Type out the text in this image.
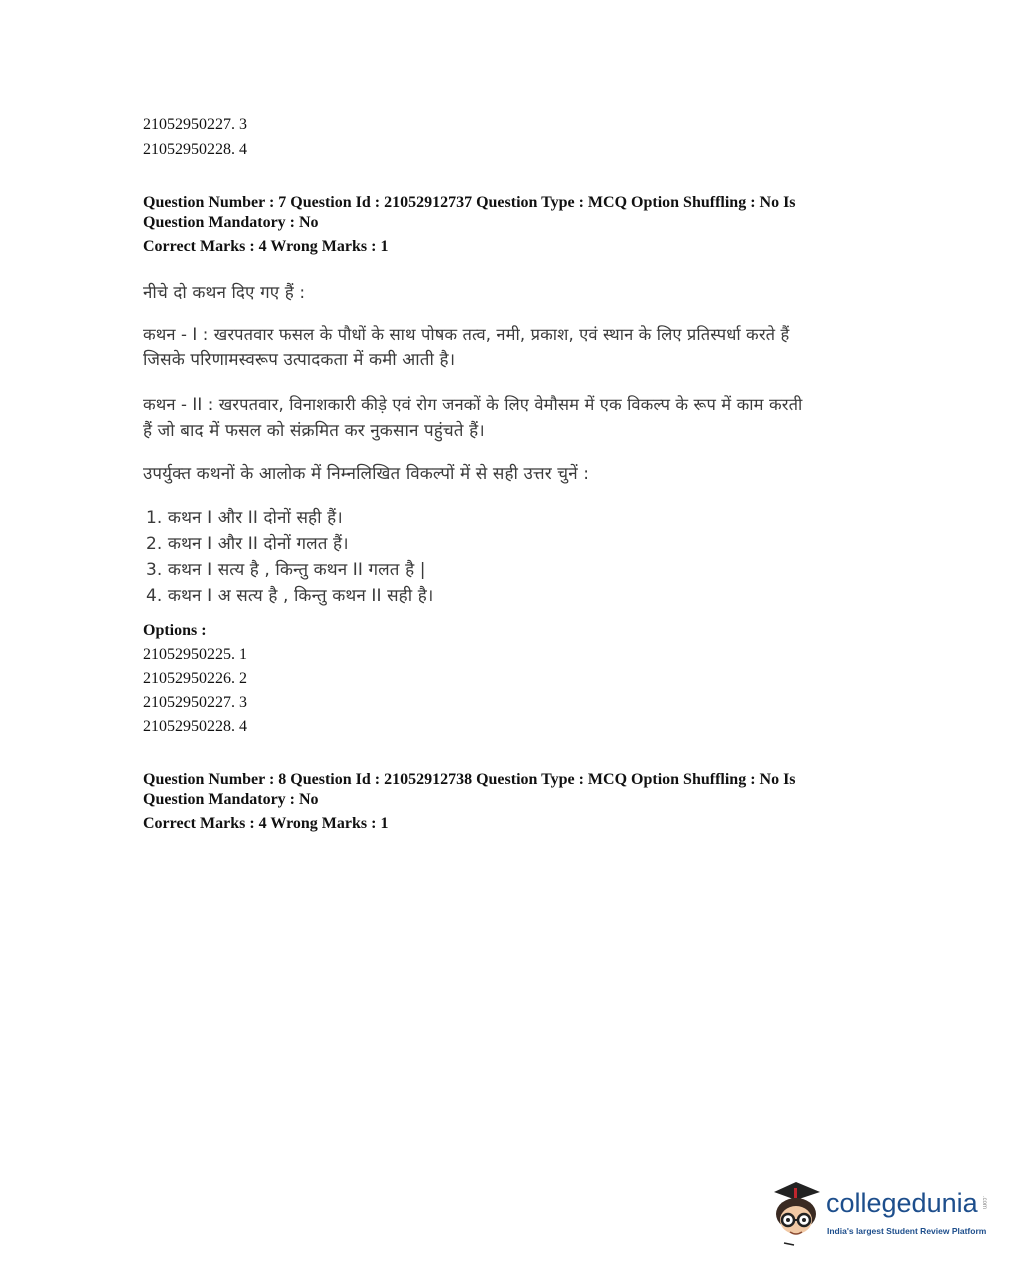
21052950227. 3
21052950228. 4
Question Number : 7 Question Id : 21052912737 Question Type : MCQ Option Shuffling : No Is
Question Mandatory : No
Correct Marks : 4 Wrong Marks : 1
नीचे दो कथन दिए गए हैं :
कथन - I : खरपतवार फसल के पौधों के साथ पोषक तत्व, नमी, प्रकाश, एवं स्थान के लिए प्रतिस्पर्धा करते हैं
जिसके परिणामस्वरूप उत्पादकता में कमी आती है।
कथन - II : खरपतवार, विनाशकारी कीड़े एवं रोग जनकों के लिए वेमौसम में एक विकल्प के रूप में काम करती
हैं जो बाद में फसल को संक्रमित कर नुकसान पहुंचते हैं।
उपर्युक्त कथनों के आलोक में निम्नलिखित विकल्पों में से सही उत्तर चुनें :
1. कथन I और II दोनों सही हैं।
2. कथन I और II दोनों गलत हैं।
3. कथन I सत्य है , किन्तु कथन II गलत है |
4. कथन I अ सत्य है , किन्तु कथन II सही है।
Options :
21052950225. 1
21052950226. 2
21052950227. 3
21052950228. 4
Question Number : 8 Question Id : 21052912738 Question Type : MCQ Option Shuffling : No Is
Question Mandatory : No
Correct Marks : 4 Wrong Marks : 1
collegedunia .com
India's largest Student Review Platform
